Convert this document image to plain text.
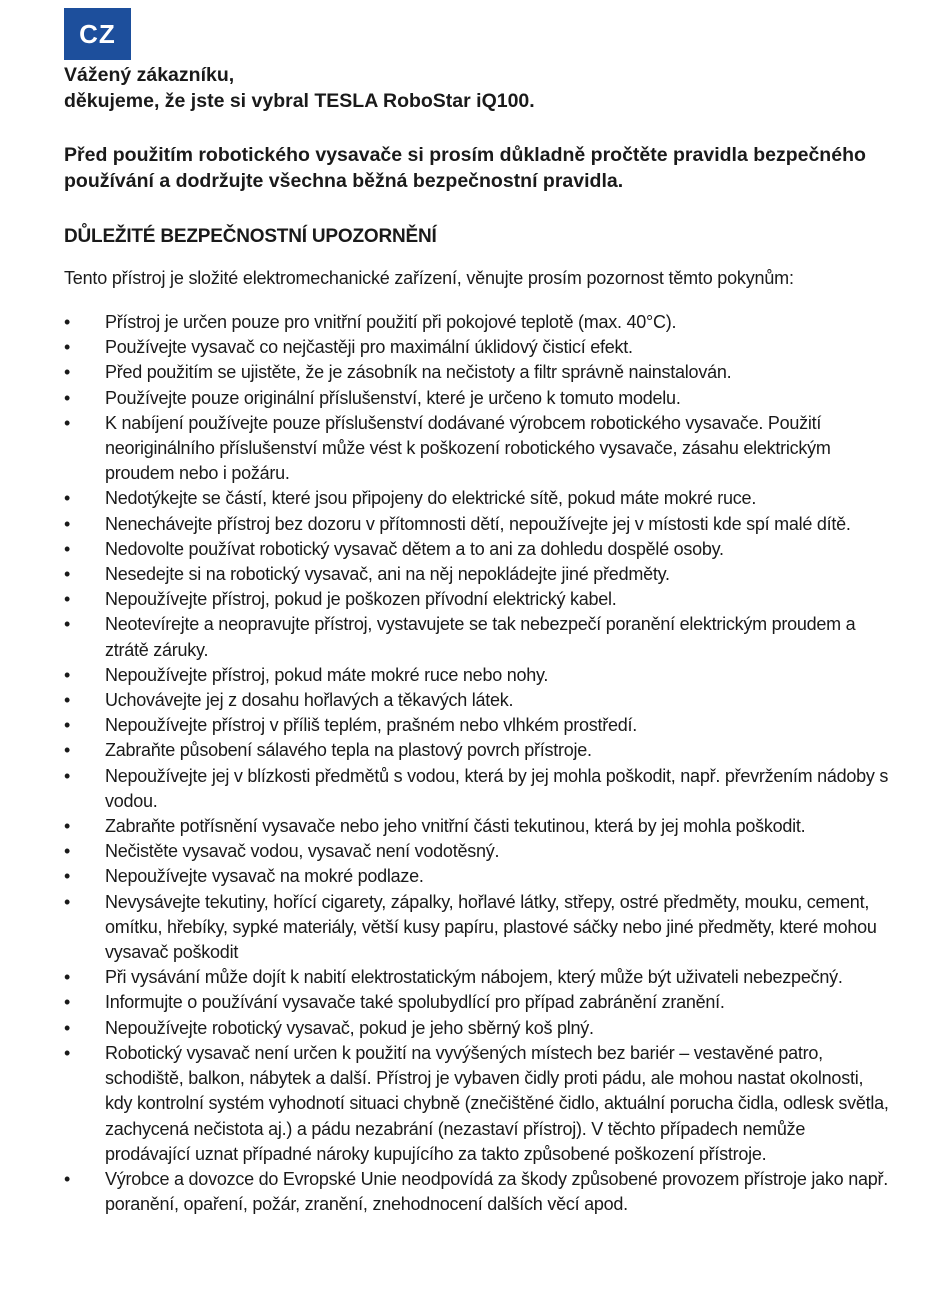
CZ

Vážený zákazníku,
děkujeme, že jste si vybral TESLA RoboStar iQ100.

Před použitím robotického vysavače si prosím důkladně pročtěte pravidla bezpečného používání a dodržujte všechna běžná bezpečnostní pravidla.

DŮLEŽITÉ BEZPEČNOSTNÍ UPOZORNĚNÍ

Tento přístroj je složité elektromechanické zařízení, věnujte prosím pozornost těmto pokynům:

• Přístroj je určen pouze pro vnitřní použití při pokojové teplotě (max. 40°C).
• Používejte vysavač co nejčastěji pro maximální úklidový čisticí efekt.
• Před použitím se ujistěte, že je zásobník na nečistoty a filtr správně nainstalován.
• Používejte pouze originální příslušenství, které je určeno k tomuto modelu.
• K nabíjení používejte pouze příslušenství dodávané výrobcem robotického vysavače. Použití neoriginálního příslušenství může vést k poškození robotického vysavače, zásahu elektrickým proudem nebo i požáru.
• Nedotýkejte se částí, které jsou připojeny do elektrické sítě, pokud máte mokré ruce.
• Nenechávejte přístroj bez dozoru v přítomnosti dětí, nepoužívejte jej v místosti kde spí malé dítě.
• Nedovolte používat robotický vysavač dětem a to ani za dohledu dospělé osoby.
• Nesedejte si na robotický vysavač, ani na něj nepokládejte jiné předměty.
• Nepoužívejte přístroj, pokud je poškozen přívodní elektrický kabel.
• Neotevírejte a neopravujte přístroj, vystavujete se tak nebezpečí poranění elektrickým proudem a ztrátě záruky.
• Nepoužívejte přístroj, pokud máte mokré ruce nebo nohy.
• Uchovávejte jej z dosahu hořlavých a těkavých látek.
• Nepoužívejte přístroj v příliš teplém, prašném nebo vlhkém prostředí.
• Zabraňte působení sálavého tepla na plastový povrch přístroje.
• Nepoužívejte jej v blízkosti předmětů s vodou, která by jej mohla poškodit, např. převržením nádoby s vodou.
• Zabraňte potřísnění vysavače nebo jeho vnitřní části tekutinou, která by jej mohla poškodit.
• Nečistěte vysavač vodou, vysavač není vodotěsný.
• Nepoužívejte vysavač na mokré podlaze.
• Nevysávejte tekutiny, hořící cigarety, zápalky, hořlavé látky, střepy, ostré předměty, mouku, cement, omítku, hřebíky, sypké materiály, větší kusy papíru, plastové sáčky nebo jiné předměty, které mohou vysavač poškodit
• Při vysávání může dojít k nabití elektrostatickým nábojem, který může být uživateli nebezpečný.
• Informujte o používání vysavače také spolubydlící pro případ zabránění zranění.
• Nepoužívejte robotický vysavač, pokud je jeho sběrný koš plný.
• Robotický vysavač není určen k použití na vyvýšených místech bez bariér – vestavěné patro, schodiště, balkon, nábytek a další. Přístroj je vybaven čidly proti pádu, ale mohou nastat okolnosti, kdy kontrolní systém vyhodnotí situaci chybně (znečištěné čidlo, aktuální porucha čidla, odlesk světla, zachycená nečistota aj.) a pádu nezabrání (nezastaví přístroj). V těchto případech nemůže prodávající uznat případné nároky kupujícího za takto způsobené poškození přístroje.
• Výrobce a dovozce do Evropské Unie neodpovídá za škody způsobené provozem přístroje jako např. poranění, opaření, požár, zranění, znehodnocení dalších věcí apod.
